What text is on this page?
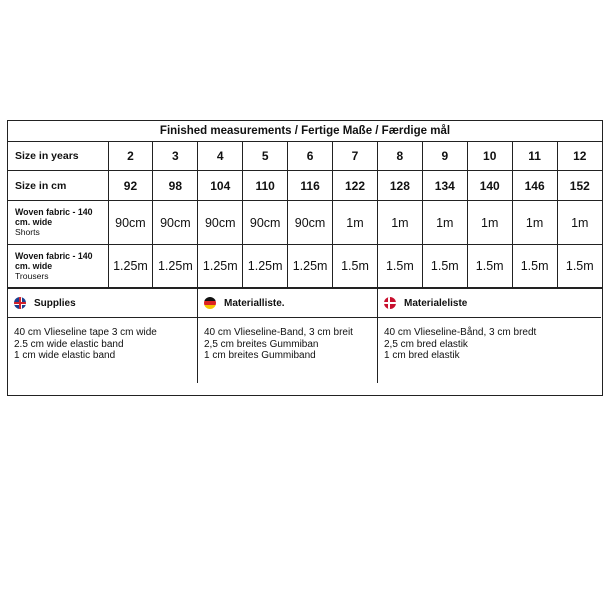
Finished measurements / Fertige Maße / Færdige mål
Size in years	2	3	4	5	6	7	8	9	10	11	12
Size in cm	92	98	104	110	116	122	128	134	140	146	152

Woven fabric - 140 cm. wide
Shorts	90cm	90cm	90cm	90cm	90cm	1m	1m	1m	1m	1m	1m

Woven fabric - 140 cm. wide
Trousers	1.25m	1.25m	1.25m	1.25m	1.25m	1.5m	1.5m	1.5m	1.5m	1.5m	1.5m
Supplies
40 cm Vlieseline tape 3 cm wide
2.5 cm wide elastic band
1 cm wide elastic band
Materialliste.
40 cm Vlieseline-Band, 3 cm breit
2,5 cm breites Gummiban
1 cm breites Gummiband
Materialeliste
40 cm Vlieseline-Bånd, 3 cm bredt
2,5 cm bred elastik
1 cm bred elastik
